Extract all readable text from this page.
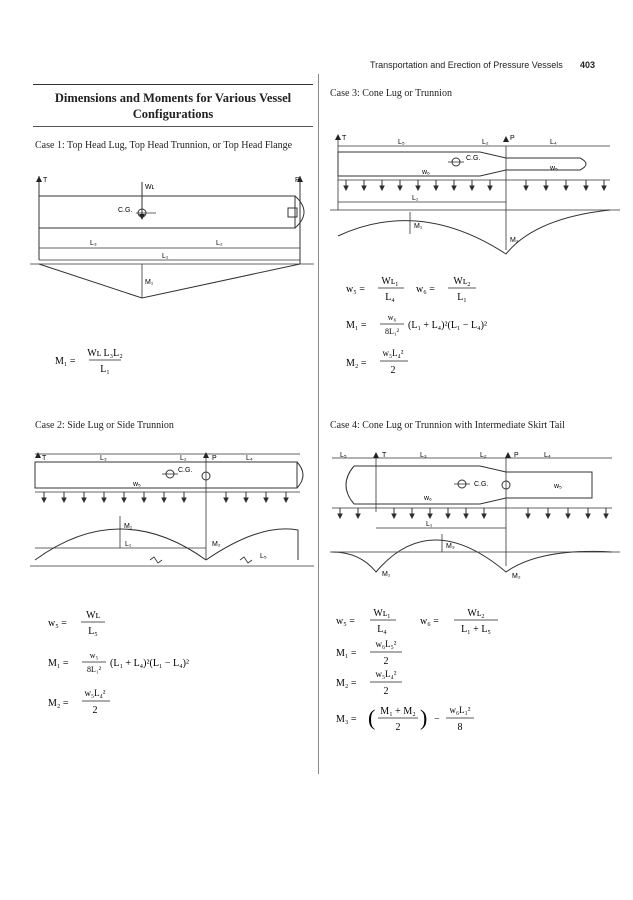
Transportation and Erection of Pressure Vessels 403
Dimensions and Moments for Various Vessel Configurations
Case 1: Top Head Lug, Top Head Trunnion, or Top Head Flange
T	P
Wʟ
C.G.
L₃	L₂
L₁
M₁
M₁ =
Wʟ L₃L₂
L₁
Case 2: Side Lug or Side Trunnion
T	L₃	L₂	P	L₄
C.G.
w₅
M₁
L₁	M₂
L₅
w₅ =
Wʟ
L₅
M₁ =
w₅
8L₁²
(L₁ + L₄)²(L₁ − L₄)²
M₂ =
w₅L₄²
2
Case 3: Cone Lug or Trunnion
T
L₅	L₂
P
L₄
C.G.
w₆
w₅
L₁
M₁
M₂
w₅ =
Wʟ₁
L₄
w₆ =
Wʟ₂
L₁
M₁ =
w₆
8L₁²
(L₁ + L₄)²(L₁ − L₄)²
M₂ =
w₅L₄²
2
Case 4: Cone Lug or Trunnion with Intermediate Skirt Tail
L₅	T	L₃	L₂	P	L₄
C.G.
w₆
w₅
L₁
M₃
M₁	M₂
w₅ =
Wʟ₁
L₄
w₆ =
Wʟ₂
L₁ + L₅
M₁ =
w₆L₅²
2
M₂ =
w₅L₄²
2
M₃ = ( M₁ + M₂
2 ) −
w₆L₁²
8
